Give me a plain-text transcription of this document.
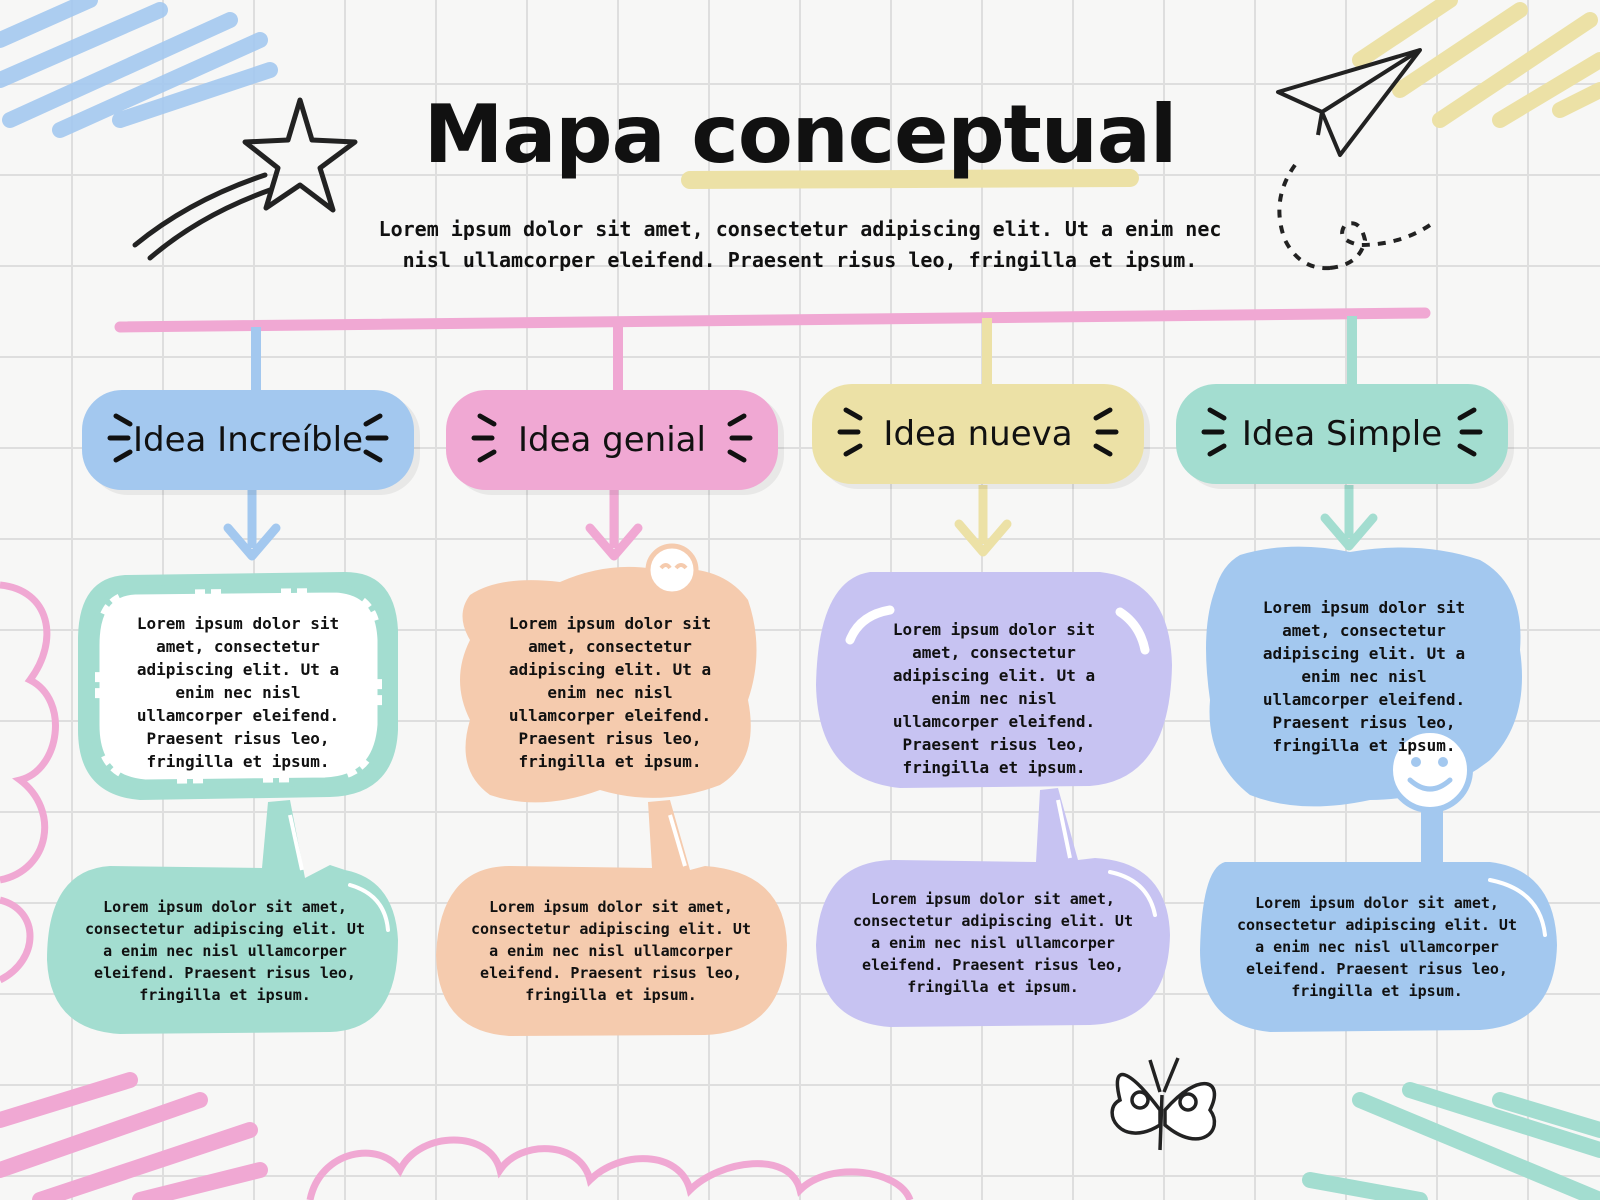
Mapa conceptual

Lorem ipsum dolor sit amet, consectetur adipiscing elit. Ut a enim nec nisl ullamcorper eleifend. Praesent risus leo, fringilla et ipsum.

Idea Increíble	Idea genial	Idea nueva	Idea Simple
Lorem ipsum dolor sit amet, consectetur adipiscing elit. Ut a enim nec nisl ullamcorper eleifend. Praesent risus leo, fringilla et ipsum.
Lorem ipsum dolor sit amet, consectetur adipiscing elit. Ut a enim nec nisl ullamcorper eleifend. Praesent risus leo, fringilla et ipsum.
Lorem ipsum dolor sit amet, consectetur adipiscing elit. Ut a enim nec nisl ullamcorper eleifend. Praesent risus leo, fringilla et ipsum.
Lorem ipsum dolor sit amet, consectetur adipiscing elit. Ut a enim nec nisl ullamcorper eleifend. Praesent risus leo, fringilla et ipsum.
Lorem ipsum dolor sit amet, consectetur adipiscing elit. Ut a enim nec nisl ullamcorper eleifend. Praesent risus leo, fringilla et ipsum.
Lorem ipsum dolor sit amet, consectetur adipiscing elit. Ut a enim nec nisl ullamcorper eleifend. Praesent risus leo, fringilla et ipsum.
Lorem ipsum dolor sit amet, consectetur adipiscing elit. Ut a enim nec nisl ullamcorper eleifend. Praesent risus leo, fringilla et ipsum.
Lorem ipsum dolor sit amet, consectetur adipiscing elit. Ut a enim nec nisl ullamcorper eleifend. Praesent risus leo, fringilla et ipsum.
